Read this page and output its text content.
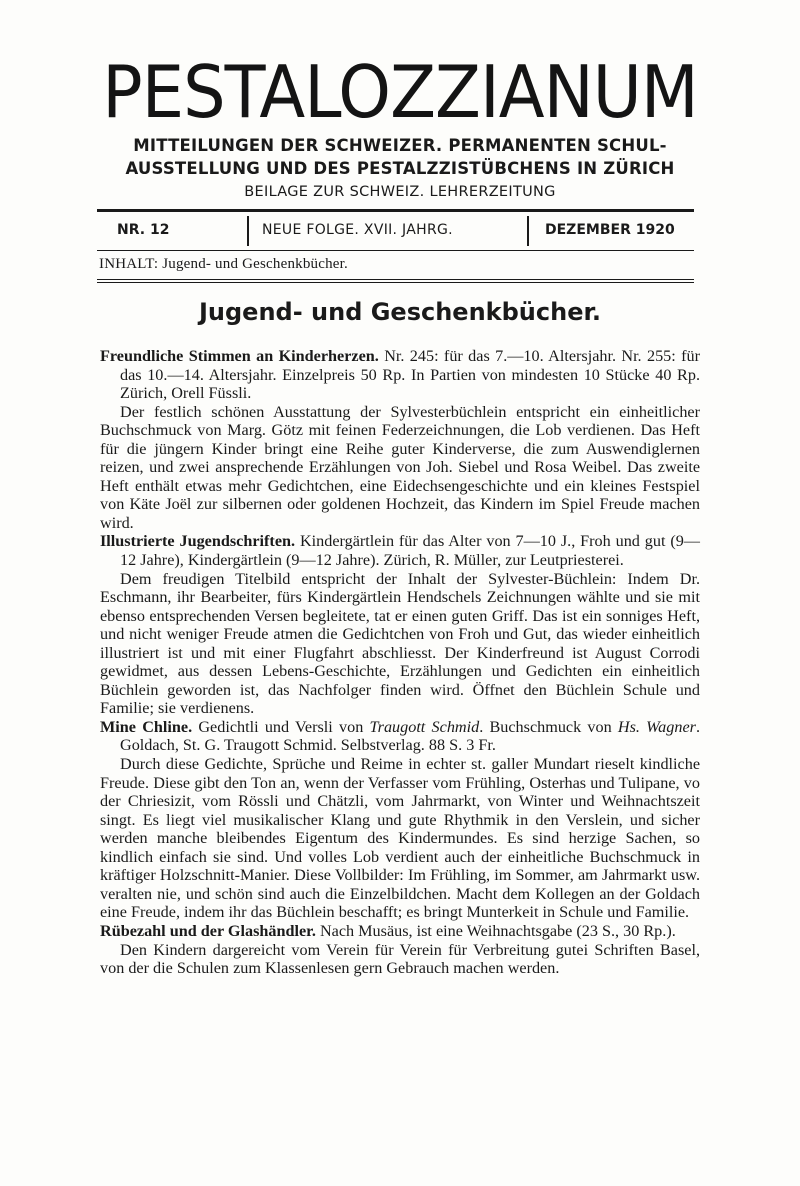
PESTALOZZIANUM
MITTEILUNGEN DER SCHWEIZER. PERMANENTEN SCHUL-
AUSSTELLUNG UND DES PESTALZZISTÜBCHENS IN ZÜRICH
BEILAGE ZUR SCHWEIZ. LEHRERZEITUNG
NR. 12	NEUE FOLGE. XVII. JAHRG.	DEZEMBER 1920
INHALT: Jugend- und Geschenkbücher.
Jugend- und Geschenkbücher.

Freundliche Stimmen an Kinderherzen. Nr. 245: für das 7.—10. Altersjahr. Nr. 255: für das 10.—14. Altersjahr. Einzelpreis 50 Rp. In Partien von mindesten 10 Stücke 40 Rp. Zürich, Orell Füssli.

Der festlich schönen Ausstattung der Sylvesterbüchlein entspricht ein einheitlicher Buchschmuck von Marg. Götz mit feinen Federzeichnungen, die Lob verdienen. Das Heft für die jüngern Kinder bringt eine Reihe guter Kinderverse, die zum Auswendiglernen reizen, und zwei ansprechende Erzählungen von Joh. Siebel und Rosa Weibel. Das zweite Heft enthält etwas mehr Gedichtchen, eine Eidechsengeschichte und ein kleines Festspiel von Käte Joël zur silbernen oder goldenen Hochzeit, das Kindern im Spiel Freude machen wird.

Illustrierte Jugendschriften. Kindergärtlein für das Alter von 7—10 J., Froh und gut (9—12 Jahre), Kindergärtlein (9—12 Jahre). Zürich, R. Müller, zur Leutpriesterei.

Dem freudigen Titelbild entspricht der Inhalt der Sylvester-Büchlein: Indem Dr. Eschmann, ihr Bearbeiter, fürs Kindergärtlein Hendschels Zeichnungen wählte und sie mit ebenso entsprechenden Versen begleitete, tat er einen guten Griff. Das ist ein sonniges Heft, und nicht weniger Freude atmen die Gedichtchen von Froh und Gut, das wieder einheitlich illustriert ist und mit einer Flugfahrt abschliesst. Der Kinderfreund ist August Corrodi gewidmet, aus dessen Lebens-Geschichte, Erzählungen und Gedichten ein einheitlich Büchlein geworden ist, das Nachfolger finden wird. Öffnet den Büchlein Schule und Familie; sie verdienens.

Mine Chline. Gedichtli und Versli von Traugott Schmid. Buchschmuck von Hs. Wagner. Goldach, St. G. Traugott Schmid. Selbstverlag. 88 S. 3 Fr.

Durch diese Gedichte, Sprüche und Reime in echter st. galler Mundart rieselt kindliche Freude. Diese gibt den Ton an, wenn der Verfasser vom Frühling, Osterhas und Tulipane, vo der Chriesizit, vom Rössli und Chätzli, vom Jahrmarkt, von Winter und Weihnachtszeit singt. Es liegt viel musikalischer Klang und gute Rhythmik in den Verslein, und sicher werden manche bleibendes Eigentum des Kindermundes. Es sind herzige Sachen, so kindlich einfach sie sind. Und volles Lob verdient auch der einheitliche Buchschmuck in kräftiger Holzschnitt-Manier. Diese Vollbilder: Im Frühling, im Sommer, am Jahrmarkt usw. veralten nie, und schön sind auch die Einzelbildchen. Macht dem Kollegen an der Goldach eine Freude, indem ihr das Büchlein beschafft; es bringt Munterkeit in Schule und Familie.

Rübezahl und der Glashändler. Nach Musäus, ist eine Weihnachtsgabe (23 S., 30 Rp.).

Den Kindern dargereicht vom Verein für Verein für Verbreitung gutei Schriften Basel, von der die Schulen zum Klassenlesen gern Gebrauch machen werden.
